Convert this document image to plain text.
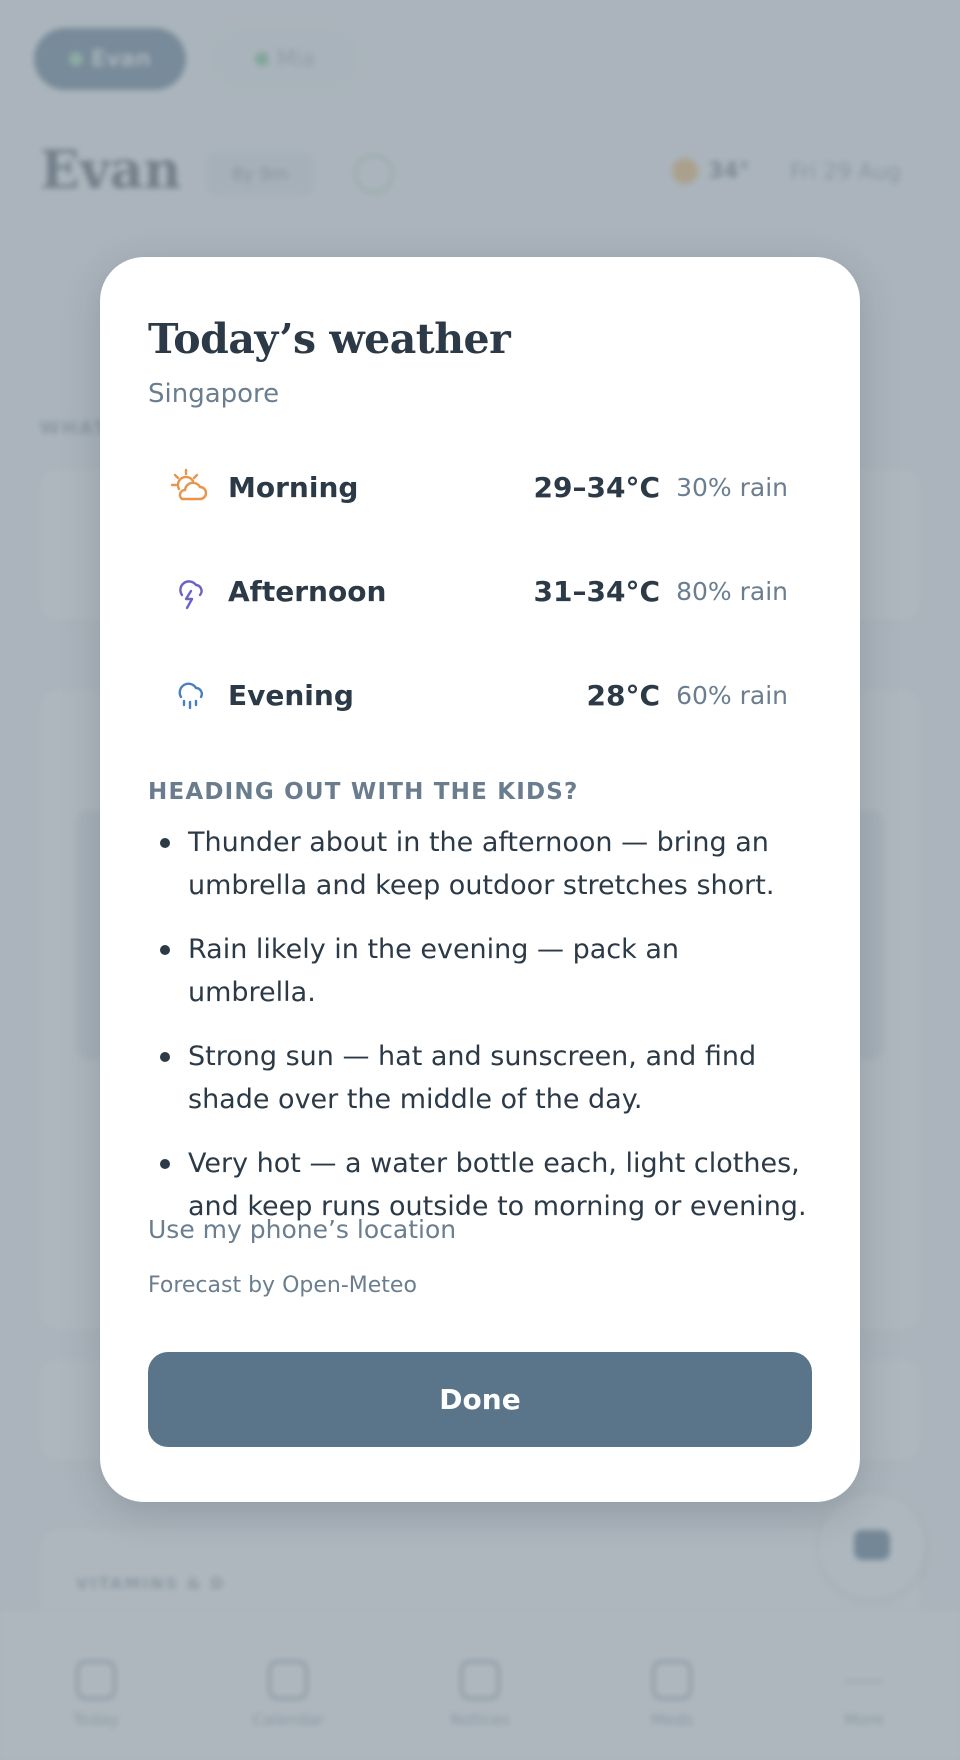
Today’s weather
Singapore
Morning	29–34°C 30% rain
Afternoon	31–34°C 80% rain
Evening	28°C 60% rain
HEADING OUT WITH THE KIDS?
Thunder about in the afternoon — bring an umbrella and keep outdoor stretches short.
Rain likely in the evening — pack an umbrella.
Strong sun — hat and sunscreen, and find shade over the middle of the day.
Very hot — a water bottle each, light clothes, and keep runs outside to morning or evening.
Use my phone’s location
Forecast by Open-Meteo
Done
